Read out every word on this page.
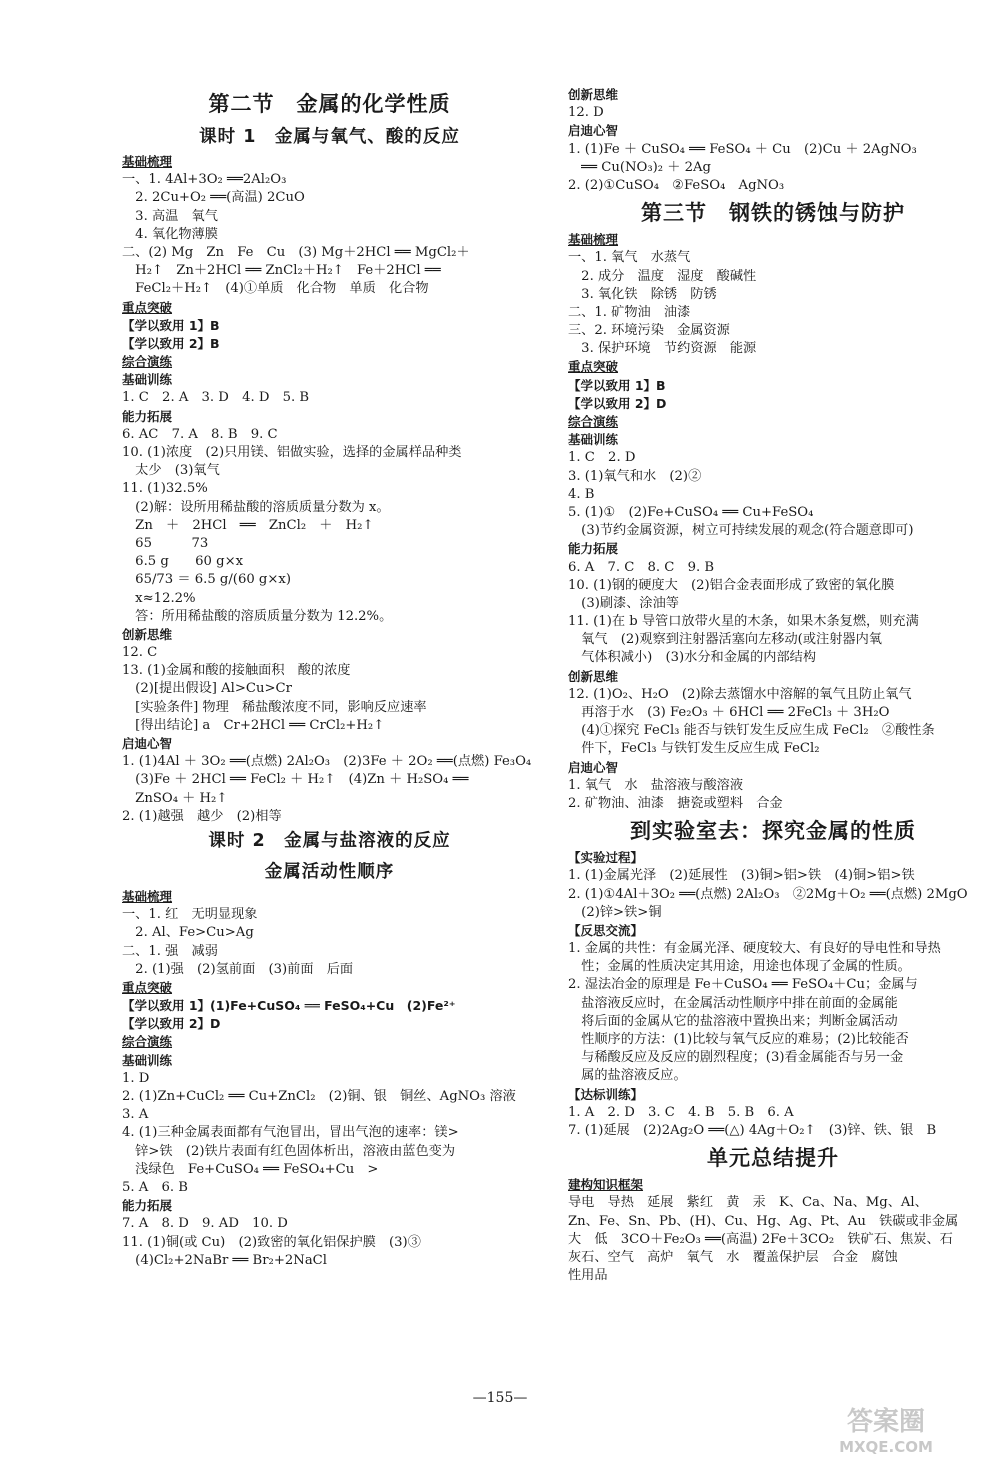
第二节　金属的化学性质
课时 1　金属与氧气、酸的反应
基础梳理
一、1. 4Al+3O₂ ══2Al₂O₃
　2. 2Cu+O₂ ══(高温) 2CuO
　3. 高温　氧气
　4. 氧化物薄膜
二、(2) Mg　Zn　Fe　Cu　(3) Mg＋2HCl ══ MgCl₂＋
　H₂↑　Zn＋2HCl ══ ZnCl₂＋H₂↑　Fe＋2HCl ══
　FeCl₂＋H₂↑　(4)①单质　化合物　单质　化合物
重点突破
【学以致用 1】B
【学以致用 2】B
综合演练
基础训练
1. C　2. A　3. D　4. D　5. B
能力拓展
6. AC　7. A　8. B　9. C
10. (1)浓度　(2)只用镁、铝做实验，选择的金属样品种类
　太少　(3)氧气
11. (1)32.5%
　(2)解：设所用稀盐酸的溶质质量分数为 x。
　Zn　＋　2HCl　══　ZnCl₂　＋　H₂↑
　65　　　73
　6.5 g　　60 g×x
　65/73 ＝ 6.5 g/(60 g×x)
　x≈12.2%
　答：所用稀盐酸的溶质质量分数为 12.2%。
创新思维
12. C
13. (1)金属和酸的接触面积　酸的浓度
　(2)[提出假设] Al>Cu>Cr
　[实验条件] 物理　稀盐酸浓度不同，影响反应速率
　[得出结论] a　Cr+2HCl ══ CrCl₂+H₂↑
启迪心智
1. (1)4Al ＋ 3O₂ ══(点燃) 2Al₂O₃　(2)3Fe ＋ 2O₂ ══(点燃) Fe₃O₄
　(3)Fe ＋ 2HCl ══ FeCl₂ ＋ H₂↑　(4)Zn ＋ H₂SO₄ ══
　ZnSO₄ ＋ H₂↑
2. (1)越强　越少　(2)相等
课时 2　金属与盐溶液的反应
金属活动性顺序
基础梳理
一、1. 红　无明显现象
　2. Al、Fe>Cu>Ag
二、1. 强　减弱
　2. (1)强　(2)氢前面　(3)前面　后面
重点突破
【学以致用 1】(1)Fe+CuSO₄ ══ FeSO₄+Cu　(2)Fe²⁺
【学以致用 2】D
综合演练
基础训练
1. D
2. (1)Zn+CuCl₂ ══ Cu+ZnCl₂　(2)铜、银　铜丝、AgNO₃ 溶液
3. A
4. (1)三种金属表面都有气泡冒出，冒出气泡的速率：镁>
　锌>铁　(2)铁片表面有红色固体析出，溶液由蓝色变为
　浅绿色　Fe+CuSO₄ ══ FeSO₄+Cu　>
5. A　6. B
能力拓展
7. A　8. D　9. AD　10. D
11. (1)铜(或 Cu)　(2)致密的氧化铝保护膜　(3)③
　(4)Cl₂+2NaBr ══ Br₂+2NaCl
创新思维
12. D
启迪心智
1. (1)Fe ＋ CuSO₄ ══ FeSO₄ ＋ Cu　(2)Cu ＋ 2AgNO₃
　══ Cu(NO₃)₂ ＋ 2Ag
2. (2)①CuSO₄　②FeSO₄　AgNO₃
第三节　钢铁的锈蚀与防护
基础梳理
一、1. 氧气　水蒸气
　2. 成分　温度　湿度　酸碱性
　3. 氧化铁　除锈　防锈
二、1. 矿物油　油漆
三、2. 环境污染　金属资源
　3. 保护环境　节约资源　能源
重点突破
【学以致用 1】B
【学以致用 2】D
综合演练
基础训练
1. C　2. D
3. (1)氧气和水　(2)②
4. B
5. (1)①　(2)Fe+CuSO₄ ══ Cu+FeSO₄
　(3)节约金属资源，树立可持续发展的观念(符合题意即可)
能力拓展
6. A　7. C　8. C　9. B
10. (1)钢的硬度大　(2)铝合金表面形成了致密的氧化膜
　(3)刷漆、涂油等
11. (1)在 b 导管口放带火星的木条，如果木条复燃，则充满
　氧气　(2)观察到注射器活塞向左移动(或注射器内氧
　气体积减小)　(3)水分和金属的内部结构
创新思维
12. (1)O₂、H₂O　(2)除去蒸馏水中溶解的氧气且防止氧气
　再溶于水　(3) Fe₂O₃ ＋ 6HCl ══ 2FeCl₃ ＋ 3H₂O
　(4)①探究 FeCl₃ 能否与铁钉发生反应生成 FeCl₂　②酸性条
　件下，FeCl₃ 与铁钉发生反应生成 FeCl₂
启迪心智
1. 氧气　水　盐溶液与酸溶液
2. 矿物油、油漆　搪瓷或塑料　合金
到实验室去：探究金属的性质
【实验过程】
1. (1)金属光泽　(2)延展性　(3)铜>铝>铁　(4)铜>铝>铁
2. (1)①4Al＋3O₂ ══(点燃) 2Al₂O₃　②2Mg＋O₂ ══(点燃) 2MgO
　(2)锌>铁>铜
【反思交流】
1. 金属的共性：有金属光泽、硬度较大、有良好的导电性和导热
　性；金属的性质决定其用途，用途也体现了金属的性质。
2. 湿法冶金的原理是 Fe＋CuSO₄ ══ FeSO₄＋Cu；金属与
　盐溶液反应时，在金属活动性顺序中排在前面的金属能
　将后面的金属从它的盐溶液中置换出来；判断金属活动
　性顺序的方法：(1)比较与氧气反应的难易；(2)比较能否
　与稀酸反应及反应的剧烈程度；(3)看金属能否与另一金
　属的盐溶液反应。
【达标训练】
1. A　2. D　3. C　4. B　5. B　6. A
7. (1)延展　(2)2Ag₂O ══(△) 4Ag＋O₂↑　(3)锌、铁、银　B
单元总结提升
建构知识框架
导电　导热　延展　紫红　黄　汞　K、Ca、Na、Mg、Al、
Zn、Fe、Sn、Pb、(H)、Cu、Hg、Ag、Pt、Au　铁碳或非金属
大　低　3CO＋Fe₂O₃ ══(高温) 2Fe＋3CO₂　铁矿石、焦炭、石
灰石、空气　高炉　氧气　水　覆盖保护层　合金　腐蚀
性用品
—155—
答案圈
MXQE.COM
